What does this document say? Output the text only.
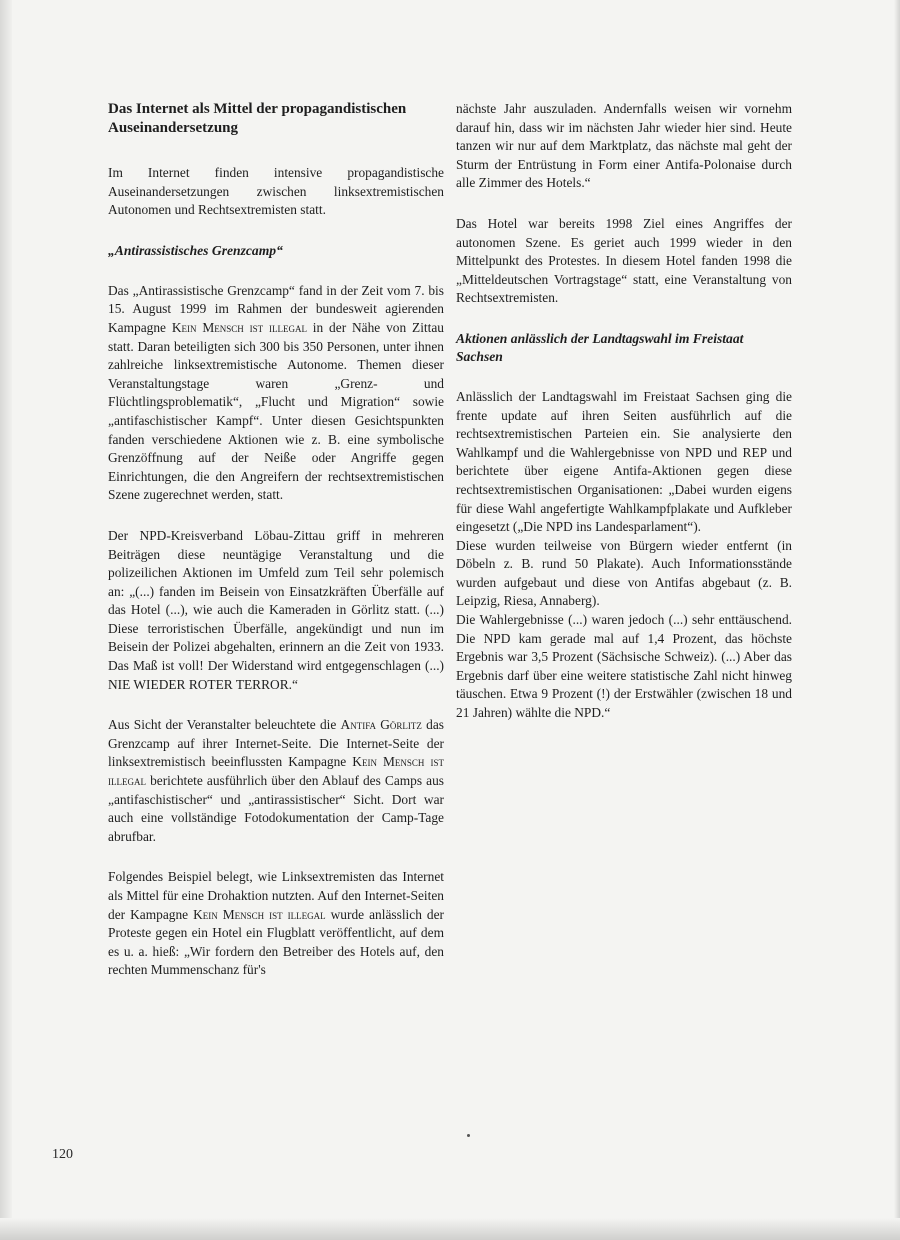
Das Internet als Mittel der propagandistischen Auseinandersetzung

Im Internet finden intensive propagandistische Auseinandersetzungen zwischen linksextremistischen Autonomen und Rechtsextremisten statt.

„Antirassistisches Grenzcamp“

Das „Antirassistische Grenzcamp“ fand in der Zeit vom 7. bis 15. August 1999 im Rahmen der bundesweit agierenden Kampagne Kein Mensch ist illegal in der Nähe von Zittau statt. Daran beteiligten sich 300 bis 350 Personen, unter ihnen zahlreiche linksextremistische Autonome. Themen dieser Veranstaltungstage waren „Grenz- und Flüchtlingsproblematik“, „Flucht und Migration“ sowie „antifaschistischer Kampf“. Unter diesen Gesichtspunkten fanden verschiedene Aktionen wie z. B. eine symbolische Grenzöffnung auf der Neiße oder Angriffe gegen Einrichtungen, die den Angreifern der rechtsextremistischen Szene zugerechnet werden, statt.

Der NPD-Kreisverband Löbau-Zittau griff in mehreren Beiträgen diese neuntägige Veranstaltung und die polizeilichen Aktionen im Umfeld zum Teil sehr polemisch an: „(...) fanden im Beisein von Einsatzkräften Überfälle auf das Hotel (...), wie auch die Kameraden in Görlitz statt. (...) Diese terroristischen Überfälle, angekündigt und nun im Beisein der Polizei abgehalten, erinnern an die Zeit von 1933. Das Maß ist voll! Der Widerstand wird entgegenschlagen (...) NIE WIEDER ROTER TERROR.“

Aus Sicht der Veranstalter beleuchtete die Antifa Görlitz das Grenzcamp auf ihrer Internet-Seite. Die Internet-Seite der linksextremistisch beeinflussten Kampagne Kein Mensch ist illegal berichtete ausführlich über den Ablauf des Camps aus „antifaschistischer“ und „antirassistischer“ Sicht. Dort war auch eine vollständige Fotodokumentation der Camp-Tage abrufbar.

Folgendes Beispiel belegt, wie Linksextremisten das Internet als Mittel für eine Drohaktion nutzten. Auf den Internet-Seiten der Kampagne Kein Mensch ist illegal wurde anlässlich der Proteste gegen ein Hotel ein Flugblatt veröffentlicht, auf dem es u. a. hieß: „Wir fordern den Betreiber des Hotels auf, den rechten Mummenschanz für's

nächste Jahr auszuladen. Andernfalls weisen wir vornehm darauf hin, dass wir im nächsten Jahr wieder hier sind. Heute tanzen wir nur auf dem Marktplatz, das nächste mal geht der Sturm der Entrüstung in Form einer Antifa-Polonaise durch alle Zimmer des Hotels.“

Das Hotel war bereits 1998 Ziel eines Angriffes der autonomen Szene. Es geriet auch 1999 wieder in den Mittelpunkt des Protestes. In diesem Hotel fanden 1998 die „Mitteldeutschen Vortragstage“ statt, eine Veranstaltung von Rechtsextremisten.

Aktionen anlässlich der Landtagswahl im Freistaat Sachsen

Anlässlich der Landtagswahl im Freistaat Sachsen ging die frente update auf ihren Seiten ausführlich auf die rechtsextremistischen Parteien ein. Sie analysierte den Wahlkampf und die Wahlergebnisse von NPD und REP und berichtete über eigene Antifa-Aktionen gegen diese rechtsextremistischen Organisationen: „Dabei wurden eigens für diese Wahl angefertigte Wahlkampfplakate und Aufkleber eingesetzt („Die NPD ins Landesparlament“).

Diese wurden teilweise von Bürgern wieder entfernt (in Döbeln z. B. rund 50 Plakate). Auch Informationsstände wurden aufgebaut und diese von Antifas abgebaut (z. B. Leipzig, Riesa, Annaberg).

Die Wahlergebnisse (...) waren jedoch (...) sehr enttäuschend. Die NPD kam gerade mal auf 1,4 Prozent, das höchste Ergebnis war 3,5 Prozent (Sächsische Schweiz). (...) Aber das Ergebnis darf über eine weitere statistische Zahl nicht hinweg täuschen. Etwa 9 Prozent (!) der Erstwähler (zwischen 18 und 21 Jahren) wählte die NPD.“

120
